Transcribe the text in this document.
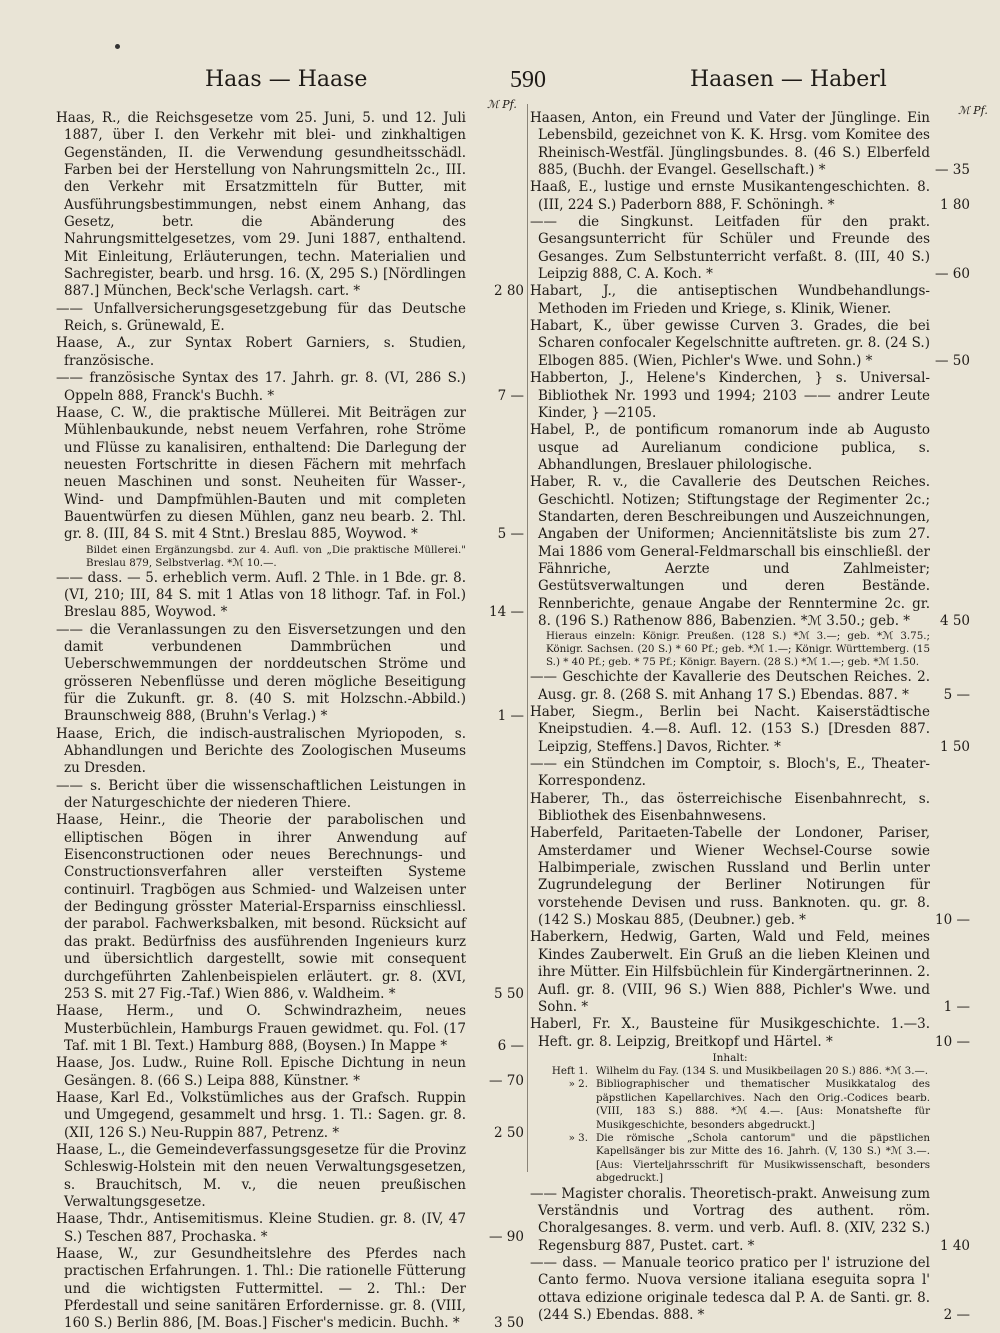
Haas — Haase	590	Haasen — Haberl
ℳ Pf.	ℳ Pf.
Haas, R., die Reichsgesetze vom 25. Juni, 5. und 12. Juli 1887, über I. den Verkehr mit blei- und zinkhaltigen Gegenständen, II. die Verwendung gesundheitsschädl. Farben bei der Herstellung von Nahrungsmitteln 2c., III. den Verkehr mit Ersatzmitteln für Butter, mit Ausführungsbestimmungen, nebst einem Anhang, das Gesetz, betr. die Abänderung des Nahrungsmittelgesetzes, vom 29. Juni 1887, enthaltend. Mit Einleitung, Erläuterungen, techn. Materialien und Sachregister, bearb. und hrsg. 16. (X, 295 S.) [Nördlingen 887.] München, Beck'sche Verlagsh. cart. *	2 80
—— Unfallversicherungsgesetzgebung für das Deutsche Reich, s. Grünewald, E.
Haase, A., zur Syntax Robert Garniers, s. Studien, französische.
—— französische Syntax des 17. Jahrh. gr. 8. (VI, 286 S.) Oppeln 888, Franck's Buchh. *	7 —
Haase, C. W., die praktische Müllerei. Mit Beiträgen zur Mühlenbaukunde, nebst neuem Verfahren, rohe Ströme und Flüsse zu kanalisiren, enthaltend: Die Darlegung der neuesten Fortschritte in diesen Fächern mit mehrfach neuen Maschinen und sonst. Neuheiten für Wasser-, Wind- und Dampfmühlen-Bauten und mit completen Bauentwürfen zu diesen Mühlen, ganz neu bearb. 2. Thl. gr. 8. (III, 84 S. mit 4 Stnt.) Breslau 885, Woywod. *	5 —
Bildet einen Ergänzungsbd. zur 4. Aufl. von „Die praktische Müllerei." Breslau 879, Selbstverlag. *ℳ 10.—.
—— dass. — 5. erheblich verm. Aufl. 2 Thle. in 1 Bde. gr. 8. (VI, 210; III, 84 S. mit 1 Atlas von 18 lithogr. Taf. in Fol.) Breslau 885, Woywod. *	14 —
—— die Veranlassungen zu den Eisversetzungen und den damit verbundenen Dammbrüchen und Ueberschwemmungen der norddeutschen Ströme und grösseren Nebenflüsse und deren mögliche Beseitigung für die Zukunft. gr. 8. (40 S. mit Holzschn.-Abbild.) Braunschweig 888, (Bruhn's Verlag.) *	1 —
Haase, Erich, die indisch-australischen Myriopoden, s. Abhandlungen und Berichte des Zoologischen Museums zu Dresden.
—— s. Bericht über die wissenschaftlichen Leistungen in der Naturgeschichte der niederen Thiere.
Haase, Heinr., die Theorie der parabolischen und elliptischen Bögen in ihrer Anwendung auf Eisenconstructionen oder neues Berechnungs- und Constructionsverfahren aller versteiften Systeme continuirl. Tragbögen aus Schmied- und Walzeisen unter der Bedingung grösster Material-Ersparniss einschliessl. der parabol. Fachwerksbalken, mit besond. Rücksicht auf das prakt. Bedürfniss des ausführenden Ingenieurs kurz und übersichtlich dargestellt, sowie mit consequent durchgeführten Zahlenbeispielen erläutert. gr. 8. (XVI, 253 S. mit 27 Fig.-Taf.) Wien 886, v. Waldheim. *	5 50
Haase, Herm., und O. Schwindrazheim, neues Musterbüchlein, Hamburgs Frauen gewidmet. qu. Fol. (17 Taf. mit 1 Bl. Text.) Hamburg 888, (Boysen.) In Mappe *	6 —
Haase, Jos. Ludw., Ruine Roll. Epische Dichtung in neun Gesängen. 8. (66 S.) Leipa 888, Künstner. *	— 70
Haase, Karl Ed., Volkstümliches aus der Grafsch. Ruppin und Umgegend, gesammelt und hrsg. 1. Tl.: Sagen. gr. 8. (XII, 126 S.) Neu-Ruppin 887, Petrenz. *	2 50
Haase, L., die Gemeindeverfassungsgesetze für die Provinz Schleswig-Holstein mit den neuen Verwaltungsgesetzen, s. Brauchitsch, M. v., die neuen preußischen Verwaltungsgesetze.
Haase, Thdr., Antisemitismus. Kleine Studien. gr. 8. (IV, 47 S.) Teschen 887, Prochaska. *	— 90
Haase, W., zur Gesundheitslehre des Pferdes nach practischen Erfahrungen. 1. Thl.: Die rationelle Fütterung und die wichtigsten Futtermittel. — 2. Thl.: Der Pferdestall und seine sanitären Erfordernisse. gr. 8. (VIII, 160 S.) Berlin 886, [M. Boas.] Fischer's medicin. Buchh. *	3 50
Haasen, Anton, ein Freund und Vater der Jünglinge. Ein Lebensbild, gezeichnet von K. K. Hrsg. vom Komitee des Rheinisch-Westfäl. Jünglingsbundes. 8. (46 S.) Elberfeld 885, (Buchh. der Evangel. Gesellschaft.) *	— 35
Haaß, E., lustige und ernste Musikantengeschichten. 8. (III, 224 S.) Paderborn 888, F. Schöningh. *	1 80
—— die Singkunst. Leitfaden für den prakt. Gesangsunterricht für Schüler und Freunde des Gesanges. Zum Selbstunterricht verfaßt. 8. (III, 40 S.) Leipzig 888, C. A. Koch. *	— 60
Habart, J., die antiseptischen Wundbehandlungs-Methoden im Frieden und Kriege, s. Klinik, Wiener.
Habart, K., über gewisse Curven 3. Grades, die bei Scharen confocaler Kegelschnitte auftreten. gr. 8. (24 S.) Elbogen 885. (Wien, Pichler's Wwe. und Sohn.) *	— 50
Habberton, J., Helene's Kinderchen, } s. Universal-Bibliothek Nr. 1993 und 1994; 2103 —— andrer Leute Kinder, } —2105.
Habel, P., de pontificum romanorum inde ab Augusto usque ad Aurelianum condicione publica, s. Abhandlungen, Breslauer philologische.
Haber, R. v., die Cavallerie des Deutschen Reiches. Geschichtl. Notizen; Stiftungstage der Regimenter 2c.; Standarten, deren Beschreibungen und Auszeichnungen, Angaben der Uniformen; Anciennitätsliste bis zum 27. Mai 1886 vom General-Feldmarschall bis einschließl. der Fähnriche, Aerzte und Zahlmeister; Gestütsverwaltungen und deren Bestände. Rennberichte, genaue Angabe der Renntermine 2c. gr. 8. (196 S.) Rathenow 886, Babenzien. *ℳ 3.50.; geb. *	4 50
Hieraus einzeln: Königr. Preußen. (128 S.) *ℳ 3.—; geb. *ℳ 3.75.; Königr. Sachsen. (20 S.) * 60 Pf.; geb. *ℳ 1.—; Königr. Württemberg. (15 S.) * 40 Pf.; geb. * 75 Pf.; Königr. Bayern. (28 S.) *ℳ 1.—; geb. *ℳ 1.50.
—— Geschichte der Kavallerie des Deutschen Reiches. 2. Ausg. gr. 8. (268 S. mit Anhang 17 S.) Ebendas. 887. *	5 —
Haber, Siegm., Berlin bei Nacht. Kaiserstädtische Kneipstudien. 4.—8. Aufl. 12. (153 S.) [Dresden 887. Leipzig, Steffens.] Davos, Richter. *	1 50
—— ein Stündchen im Comptoir, s. Bloch's, E., Theater-Korrespondenz.
Haberer, Th., das österreichische Eisenbahnrecht, s. Bibliothek des Eisenbahnwesens.
Haberfeld, Paritaeten-Tabelle der Londoner, Pariser, Amsterdamer und Wiener Wechsel-Course sowie Halbimperiale, zwischen Russland und Berlin unter Zugrundelegung der Berliner Notirungen für vorstehende Devisen und russ. Banknoten. qu. gr. 8. (142 S.) Moskau 885, (Deubner.) geb. *	10 —
Haberkern, Hedwig, Garten, Wald und Feld, meines Kindes Zauberwelt. Ein Gruß an die lieben Kleinen und ihre Mütter. Ein Hilfsbüchlein für Kindergärtnerinnen. 2. Aufl. gr. 8. (VIII, 96 S.) Wien 888, Pichler's Wwe. und Sohn. *	1 —
Haberl, Fr. X., Bausteine für Musikgeschichte. 1.—3. Heft. gr. 8. Leipzig, Breitkopf und Härtel. *	10 —
Inhalt:
Heft 1. Wilhelm du Fay. (134 S. und Musikbeilagen 20 S.) 886. *ℳ 3.—.
» 2. Bibliographischer und thematischer Musikkatalog des päpstlichen Kapellarchives. Nach den Orig.-Codices bearb. (VIII, 183 S.) 888. *ℳ 4.—. [Aus: Monatshefte für Musikgeschichte, besonders abgedruckt.]
» 3. Die römische „Schola cantorum" und die päpstlichen Kapellsänger bis zur Mitte des 16. Jahrh. (V, 130 S.) *ℳ 3.—. [Aus: Vierteljahrsschrift für Musikwissenschaft, besonders abgedruckt.]
—— Magister choralis. Theoretisch-prakt. Anweisung zum Verständnis und Vortrag des authent. röm. Choralgesanges. 8. verm. und verb. Aufl. 8. (XIV, 232 S.) Regensburg 887, Pustet. cart. *	1 40
—— dass. — Manuale teorico pratico per l' istruzione del Canto fermo. Nuova versione italiana eseguita sopra l' ottava edizione originale tedesca dal P. A. de Santi. gr. 8. (244 S.) Ebendas. 888. *	2 —
